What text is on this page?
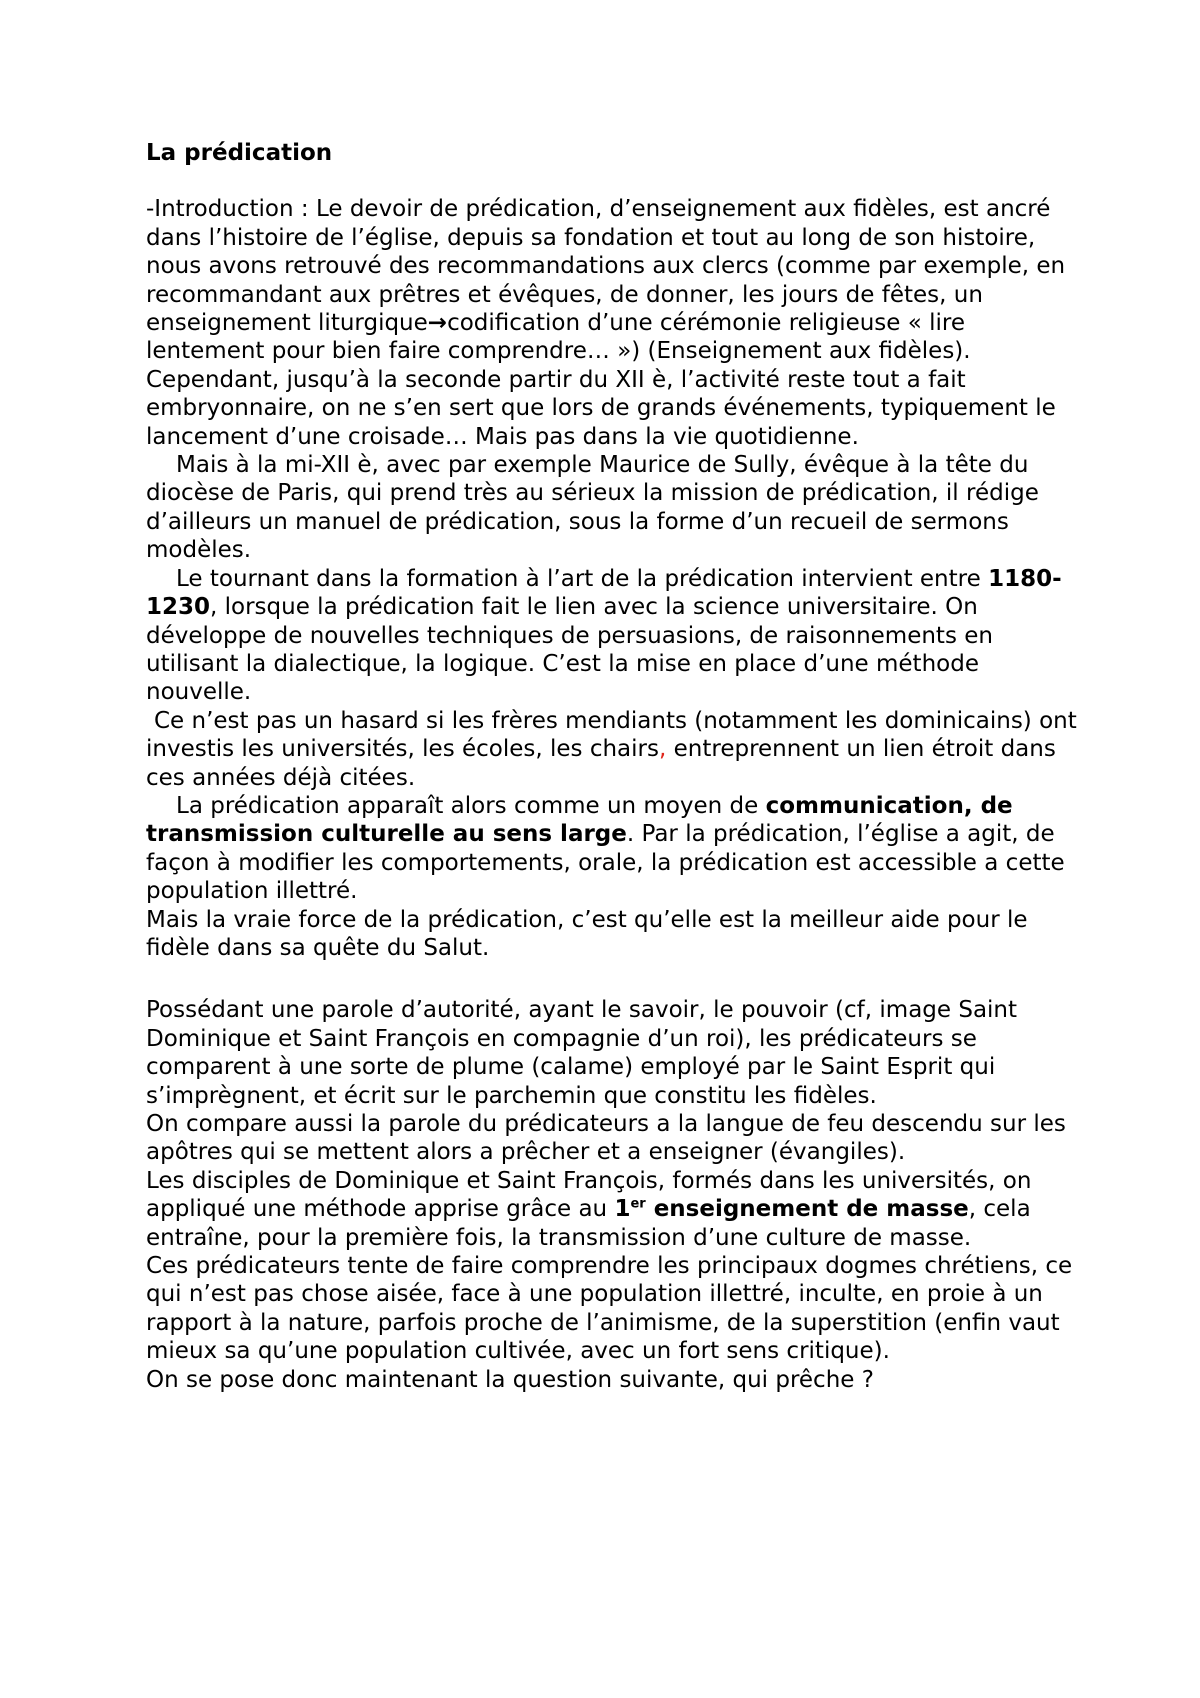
La prédication

-Introduction : Le devoir de prédication, d’enseignement aux fidèles, est ancré dans l’histoire de l’église, depuis sa fondation et tout au long de son histoire, nous avons retrouvé des recommandations aux clercs (comme par exemple, en recommandant aux prêtres et évêques, de donner, les jours de fêtes, un enseignement liturgique→codification d’une cérémonie religieuse « lire lentement pour bien faire comprendre… ») (Enseignement aux fidèles).

Cependant, jusqu’à la seconde partir du XII è, l’activité reste tout a fait embryonnaire, on ne s’en sert que lors de grands événements, typiquement le lancement d’une croisade… Mais pas dans la vie quotidienne.

Mais à la mi-XII è, avec par exemple Maurice de Sully, évêque à la tête du diocèse de Paris, qui prend très au sérieux la mission de prédication, il rédige d’ailleurs un manuel de prédication, sous la forme d’un recueil de sermons modèles.

Le tournant dans la formation à l’art de la prédication intervient entre 1180-1230, lorsque la prédication fait le lien avec la science universitaire. On développe de nouvelles techniques de persuasions, de raisonnements en utilisant la dialectique, la logique. C’est la mise en place d’une méthode nouvelle.

Ce n’est pas un hasard si les frères mendiants (notamment les dominicains) ont investis les universités, les écoles, les chairs, entreprennent un lien étroit dans ces années déjà citées.

La prédication apparaît alors comme un moyen de communication, de transmission culturelle au sens large. Par la prédication, l’église a agit, de façon à modifier les comportements, orale, la prédication est accessible a cette population illettré.

Mais la vraie force de la prédication, c’est qu’elle est la meilleur aide pour le fidèle dans sa quête du Salut.

Possédant une parole d’autorité, ayant le savoir, le pouvoir (cf, image Saint Dominique et Saint François en compagnie d’un roi), les prédicateurs se comparent à une sorte de plume (calame) employé par le Saint Esprit qui s’imprègnent, et écrit sur le parchemin que constitu les fidèles.

On compare aussi la parole du prédicateurs a la langue de feu descendu sur les apôtres qui se mettent alors a prêcher et a enseigner (évangiles).

Les disciples de Dominique et Saint François, formés dans les universités, on appliqué une méthode apprise grâce au 1er enseignement de masse, cela entraîne, pour la première fois, la transmission d’une culture de masse.

Ces prédicateurs tente de faire comprendre les principaux dogmes chrétiens, ce qui n’est pas chose aisée, face à une population illettré, inculte, en proie à un rapport à la nature, parfois proche de l’animisme, de la superstition (enfin vaut mieux sa qu’une population cultivée, avec un fort sens critique).

On se pose donc maintenant la question suivante, qui prêche ?
